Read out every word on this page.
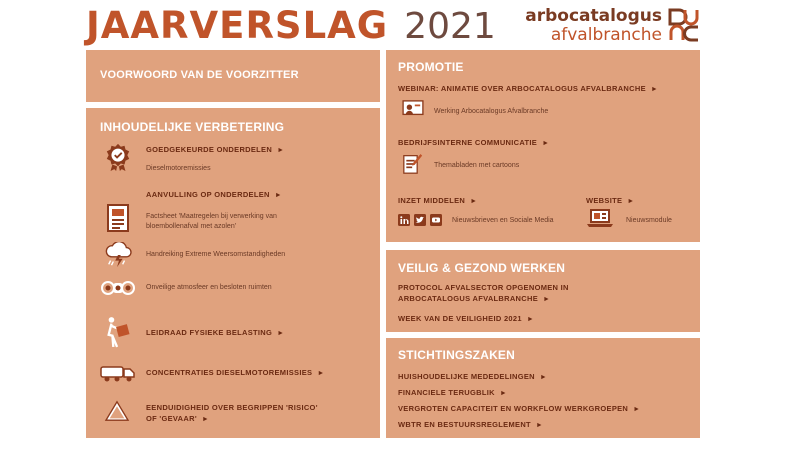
JAARVERSLAG 2021 arbocatalogus
afvalbranche
VOORWOORD VAN DE VOORZITTER
INHOUDELIJKE VERBETERING
GOEDGEKEURDE ONDERDELEN ►
Dieselmotoremissies
AANVULLING OP ONDERDELEN ►
Factsheet 'Maatregelen bij verwerking van bloembollenafval met azolen'
Handreiking Extreme Weersomstandigheden
Onveilige atmosfeer en besloten ruimten
LEIDRAAD FYSIEKE BELASTING ►
CONCENTRATIES DIESELMOTOREMISSIES ►
EENDUIDIGHEID OVER BEGRIPPEN 'RISICO' OF 'GEVAAR' ►
PROMOTIE
WEBINAR: ANIMATIE OVER ARBOCATALOGUS AFVALBRANCHE ►
Werking Arbocatalogus Afvalbranche
BEDRIJFSINTERNE COMMUNICATIE ►
Themabladen met cartoons
INZET MIDDELEN ►
Nieuwsbrieven en Sociale Media
WEBSITE ►
Nieuwsmodule
VEILIG & GEZOND WERKEN
PROTOCOL AFVALSECTOR OPGENOMEN IN
ARBOCATALOGUS AFVALBRANCHE ►
WEEK VAN DE VEILIGHEID 2021 ►
STICHTINGSZAKEN
HUISHOUDELIJKE MEDEDELINGEN ►
FINANCIELE TERUGBLIK ►
VERGROTEN CAPACITEIT EN WORKFLOW WERKGROEPEN ►
WBTR EN BESTUURSREGLEMENT ►
